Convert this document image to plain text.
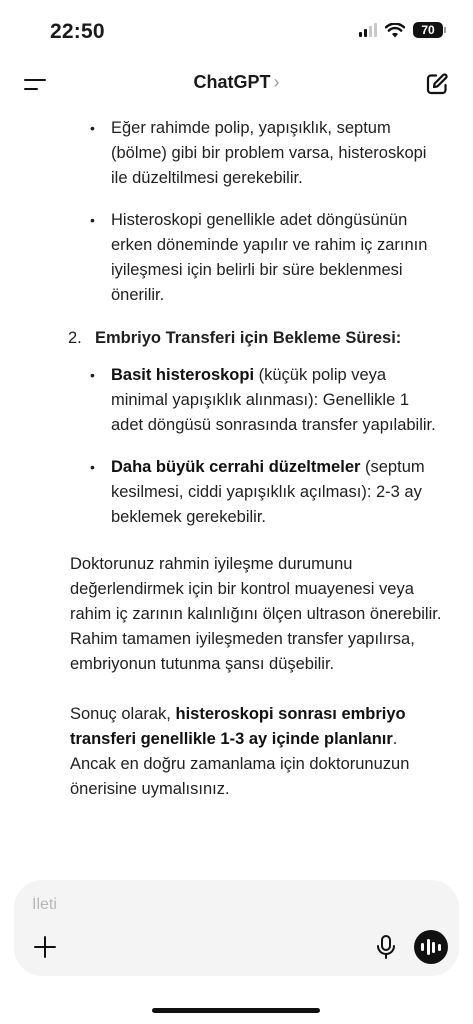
22:50	70
ChatGPT ›
• Eğer rahimde polip, yapışıklık, septum (bölme) gibi bir problem varsa, histeroskopi ile düzeltilmesi gerekebilir.
• Histeroskopi genellikle adet döngüsünün erken döneminde yapılır ve rahim iç zarının iyileşmesi için belirli bir süre beklenmesi önerilir.
2. Embriyo Transferi için Bekleme Süresi:
• Basit histeroskopi (küçük polip veya minimal yapışıklık alınması): Genellikle 1 adet döngüsü sonrasında transfer yapılabilir.
• Daha büyük cerrahi düzeltmeler (septum kesilmesi, ciddi yapışıklık açılması): 2-3 ay beklemek gerekebilir.

Doktorunuz rahmin iyileşme durumunu değerlendirmek için bir kontrol muayenesi veya rahim iç zarının kalınlığını ölçen ultrason önerebilir. Rahim tamamen iyileşmeden transfer yapılırsa, embriyonun tutunma şansı düşebilir.

Sonuç olarak, histeroskopi sonrası embriyo transferi genellikle 1-3 ay içinde planlanır. Ancak en doğru zamanlama için doktorunuzun önerisine uymalısınız.

İleti
